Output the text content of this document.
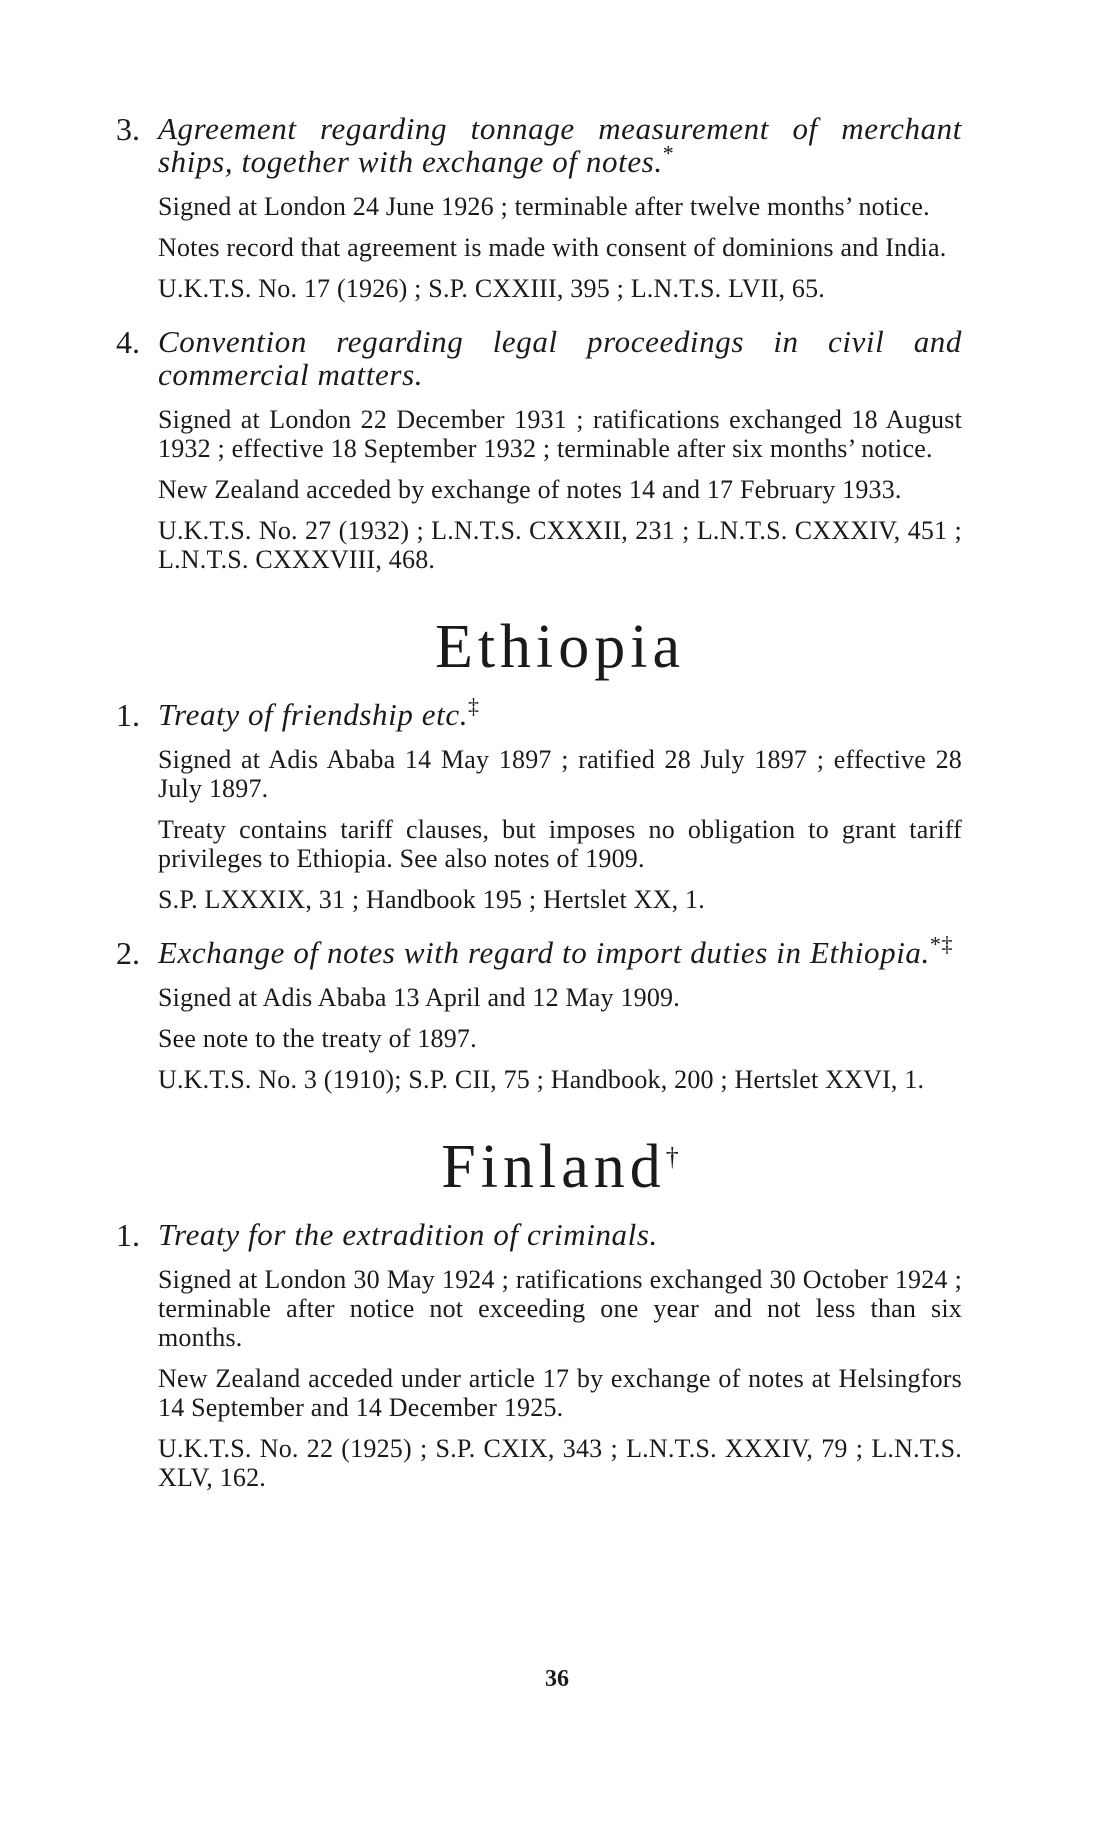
3. Agreement regarding tonnage measurement of merchant ships, together with exchange of notes.*

Signed at London 24 June 1926 ; terminable after twelve months’ notice.

Notes record that agreement is made with consent of dominions and India.

U.K.T.S. No. 17 (1926) ; S.P. CXXIII, 395 ; L.N.T.S. LVII, 65.

4. Convention regarding legal proceedings in civil and commercial matters.

Signed at London 22 December 1931 ; ratifications exchanged 18 August 1932 ; effective 18 September 1932 ; terminable after six months’ notice.

New Zealand acceded by exchange of notes 14 and 17 February 1933.

U.K.T.S. No. 27 (1932) ; L.N.T.S. CXXXII, 231 ; L.N.T.S. CXXXIV, 451 ; L.N.T.S. CXXXVIII, 468.

Ethiopia
1. Treaty of friendship etc.‡

Signed at Adis Ababa 14 May 1897 ; ratified 28 July 1897 ; effective 28 July 1897.

Treaty contains tariff clauses, but imposes no obligation to grant tariff privileges to Ethiopia. See also notes of 1909.

S.P. LXXXIX, 31 ; Handbook 195 ; Hertslet XX, 1.

2. Exchange of notes with regard to import duties in Ethiopia.*‡

Signed at Adis Ababa 13 April and 12 May 1909.

See note to the treaty of 1897.

U.K.T.S. No. 3 (1910); S.P. CII, 75 ; Handbook, 200 ; Hertslet XXVI, 1.

Finland†
1. Treaty for the extradition of criminals.

Signed at London 30 May 1924 ; ratifications exchanged 30 October 1924 ; terminable after notice not exceeding one year and not less than six months.

New Zealand acceded under article 17 by exchange of notes at Helsingfors 14 September and 14 December 1925.

U.K.T.S. No. 22 (1925) ; S.P. CXIX, 343 ; L.N.T.S. XXXIV, 79 ; L.N.T.S. XLV, 162.

36
